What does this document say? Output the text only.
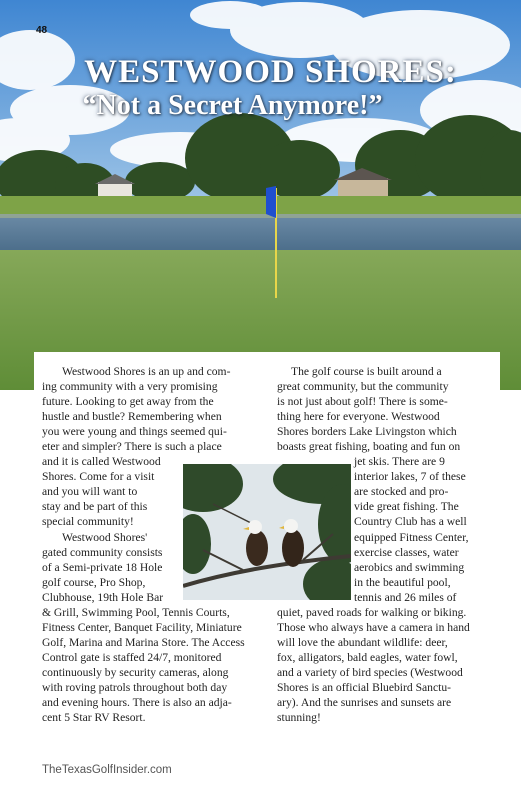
48
WESTWOOD SHORES:
“Not a Secret Anymore!”
Westwood Shores is an up and com-
ing community with a very promising
future. Looking to get away from the
hustle and bustle? Remembering when
you were young and things seemed qui-
eter and simpler? There is such a place
and it is called Westwood
Shores. Come for a visit
and you will want to
stay and be part of this
special community!
Westwood Shores'
gated community consists
of a Semi-private 18 Hole
golf course, Pro Shop,
Clubhouse, 19th Hole Bar
& Grill, Swimming Pool, Tennis Courts,
Fitness Center, Banquet Facility, Miniature
Golf, Marina and Marina Store. The Access
Control gate is staffed 24/7, monitored
continuously by security cameras, along
with roving patrols throughout both day
and evening hours. There is also an adja-
cent 5 Star RV Resort.
The golf course is built around a
great community, but the community
is not just about golf! There is some-
thing here for everyone. Westwood
Shores borders Lake Livingston which
boasts great fishing, boating and fun on
jet skis. There are 9
interior lakes, 7 of these
are stocked and pro-
vide great fishing. The
Country Club has a well
equipped Fitness Center,
exercise classes, water
aerobics and swimming
in the beautiful pool,
tennis and 26 miles of
quiet, paved roads for walking or biking.
Those who always have a camera in hand
will love the abundant wildlife: deer,
fox, alligators, bald eagles, water fowl,
and a variety of bird species (Westwood
Shores is an official Bluebird Sanctu-
ary). And the sunrises and sunsets are
stunning!
TheTexasGolfInsider.com
